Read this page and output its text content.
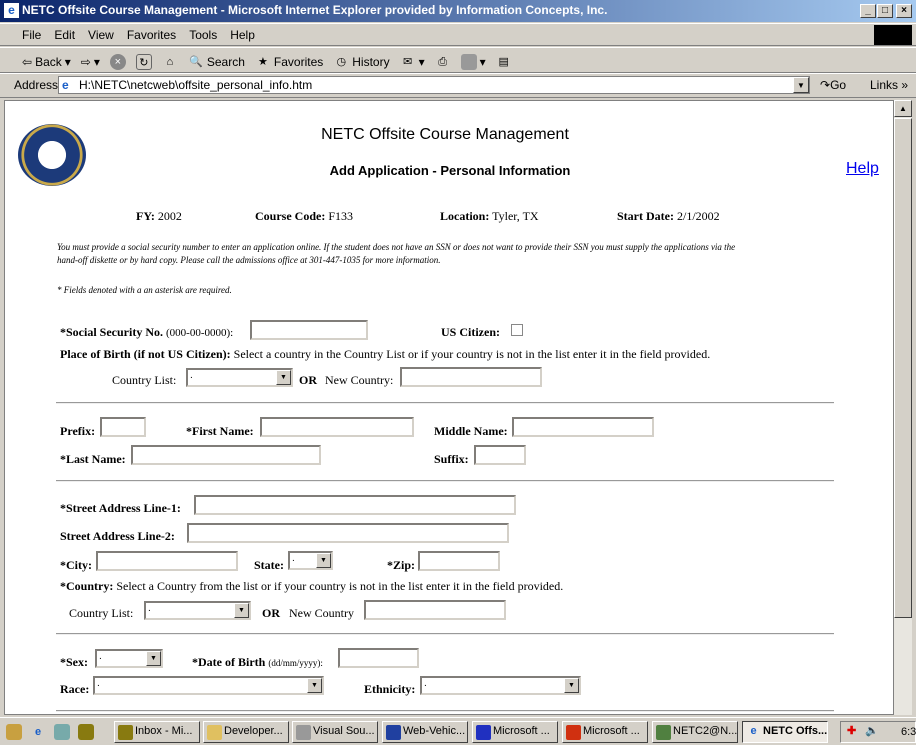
NETC Offsite Course Management - Microsoft Internet Explorer provided by Information Concepts, Inc.
e	_	□	×
File Edit View Favorites Tools Help
⇦ Back ▾ ⇨ ▾	×	↻	⌂	🔍 Search ★ Favorites ◷ History	✉ ▾	⎙	▾ ▤
Address e H:\NETC\netcweb\offsite_personal_info.htm	▼	↷Go Links »
▲
NETC Offsite Course Management
Add Application - Personal Information	Help
FY: 2002	Course Code: F133	Location: Tyler, TX	Start Date: 2/1/2002
You must provide a social security number to enter an application online. If the student does not have an SSN or does not want to provide their SSN you must supply the applications via the
hand-off diskette or by hard copy. Please call the admissions office at 301-447-1035 for more information.
* Fields denoted with a an asterisk are required.
*Social Security No. (000-00-0000):	US Citizen:
Place of Birth (if not US Citizen): Select a country in the Country List or if your country is not in the list enter it in the field provided.
Country List:	.	▼	OR New Country:
Prefix:	*First Name:	Middle Name:
*Last Name:	Suffix:
*Street Address Line-1:
Street Address Line-2:
*City:	State: .	▼	*Zip:
*Country: Select a Country from the list or if your country is not in the list enter it in the field provided.
Country List:	.	▼	OR New Country
*Sex:	.	▼	*Date of Birth (dd/mm/yyyy):
Race: .	▼	Ethnicity: .	▼
e	Inbox - Mi...	Developer...	Visual Sou...	Web-Vehic...	Microsoft ...	Microsoft ...	NETC2@N...	e NETC Offs... ✚ 🔈 6:3
